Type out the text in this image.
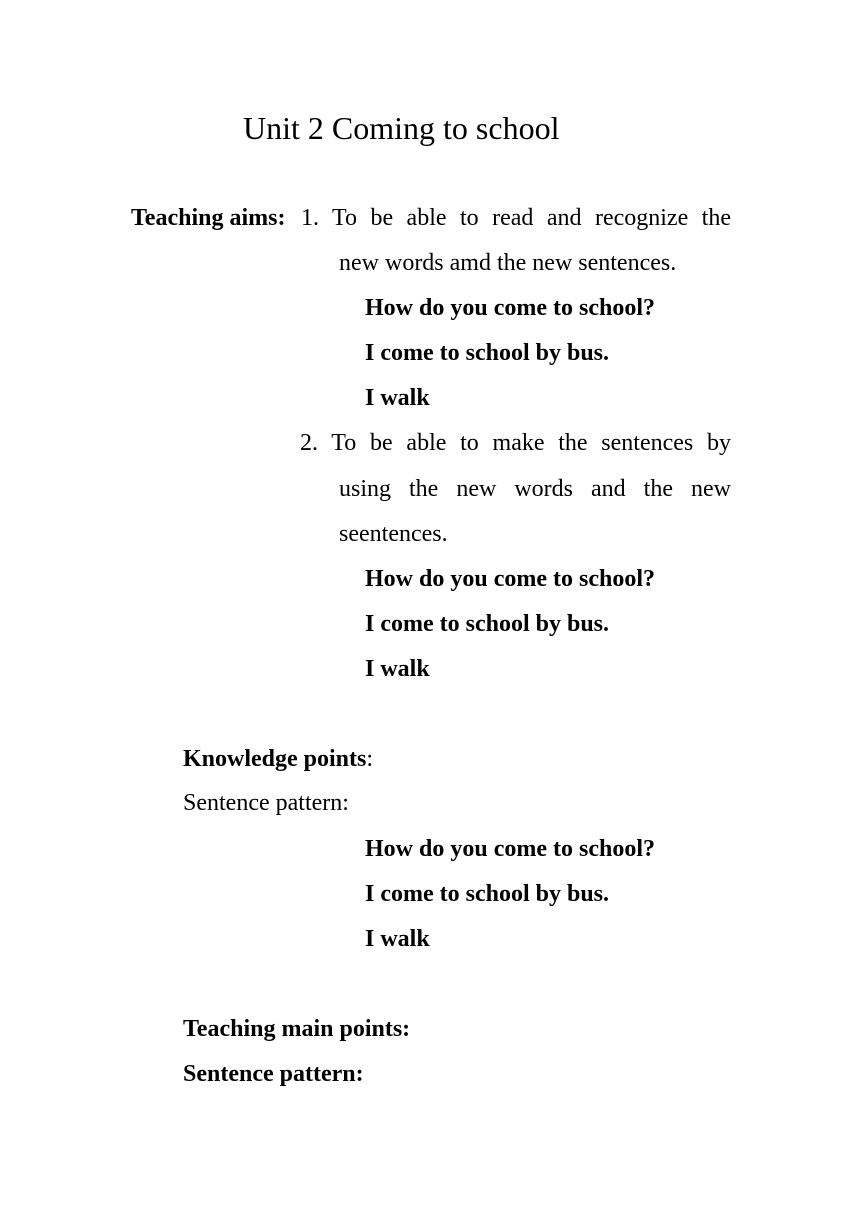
Unit 2 Coming to school
Teaching aims: 1. To be able to read and recognize the
new words amd the new sentences.
How do you come to school?
I come to school by bus.
I walk
2. To be able to make the sentences by
using the new words and the new
seentences.
How do you come to school?
I come to school by bus.
I walk
Knowledge points:
Sentence pattern:
How do you come to school?
I come to school by bus.
I walk
Teaching main points:
Sentence pattern:
